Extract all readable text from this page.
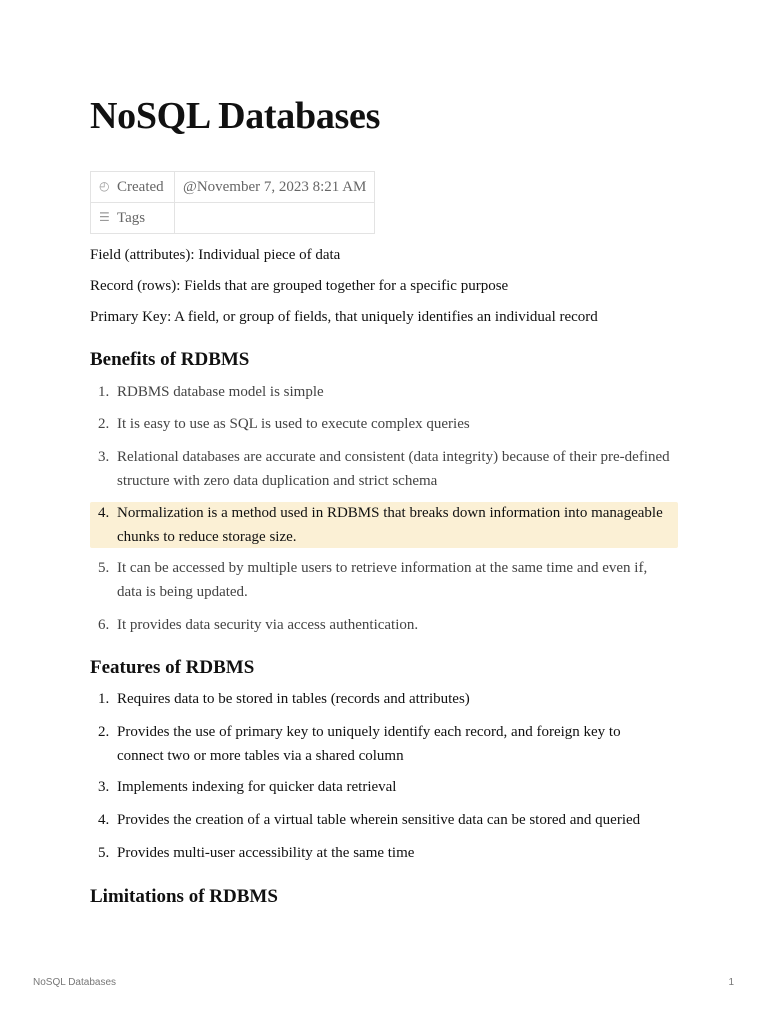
NoSQL Databases
◴ Created	@November 7, 2023 8:21 AM
☰ Tags	

Field (attributes): Individual piece of data

Record (rows): Fields that are grouped together for a specific purpose

Primary Key: A field, or group of fields, that uniquely identifies an individual record

Benefits of RDBMS
1. RDBMS database model is simple
2. It is easy to use as SQL is used to execute complex queries
3. Relational databases are accurate and consistent (data integrity) because of their pre-defined structure with zero data duplication and strict schema
4. Normalization is a method used in RDBMS that breaks down information into manageable chunks to reduce storage size.
5. It can be accessed by multiple users to retrieve information at the same time and even if, data is being updated.
6. It provides data security via access authentication.
Features of RDBMS
1. Requires data to be stored in tables (records and attributes)
2. Provides the use of primary key to uniquely identify each record, and foreign key to connect two or more tables via a shared column
3. Implements indexing for quicker data retrieval
4. Provides the creation of a virtual table wherein sensitive data can be stored and queried
5. Provides multi-user accessibility at the same time
Limitations of RDBMS
NoSQL Databases	1
